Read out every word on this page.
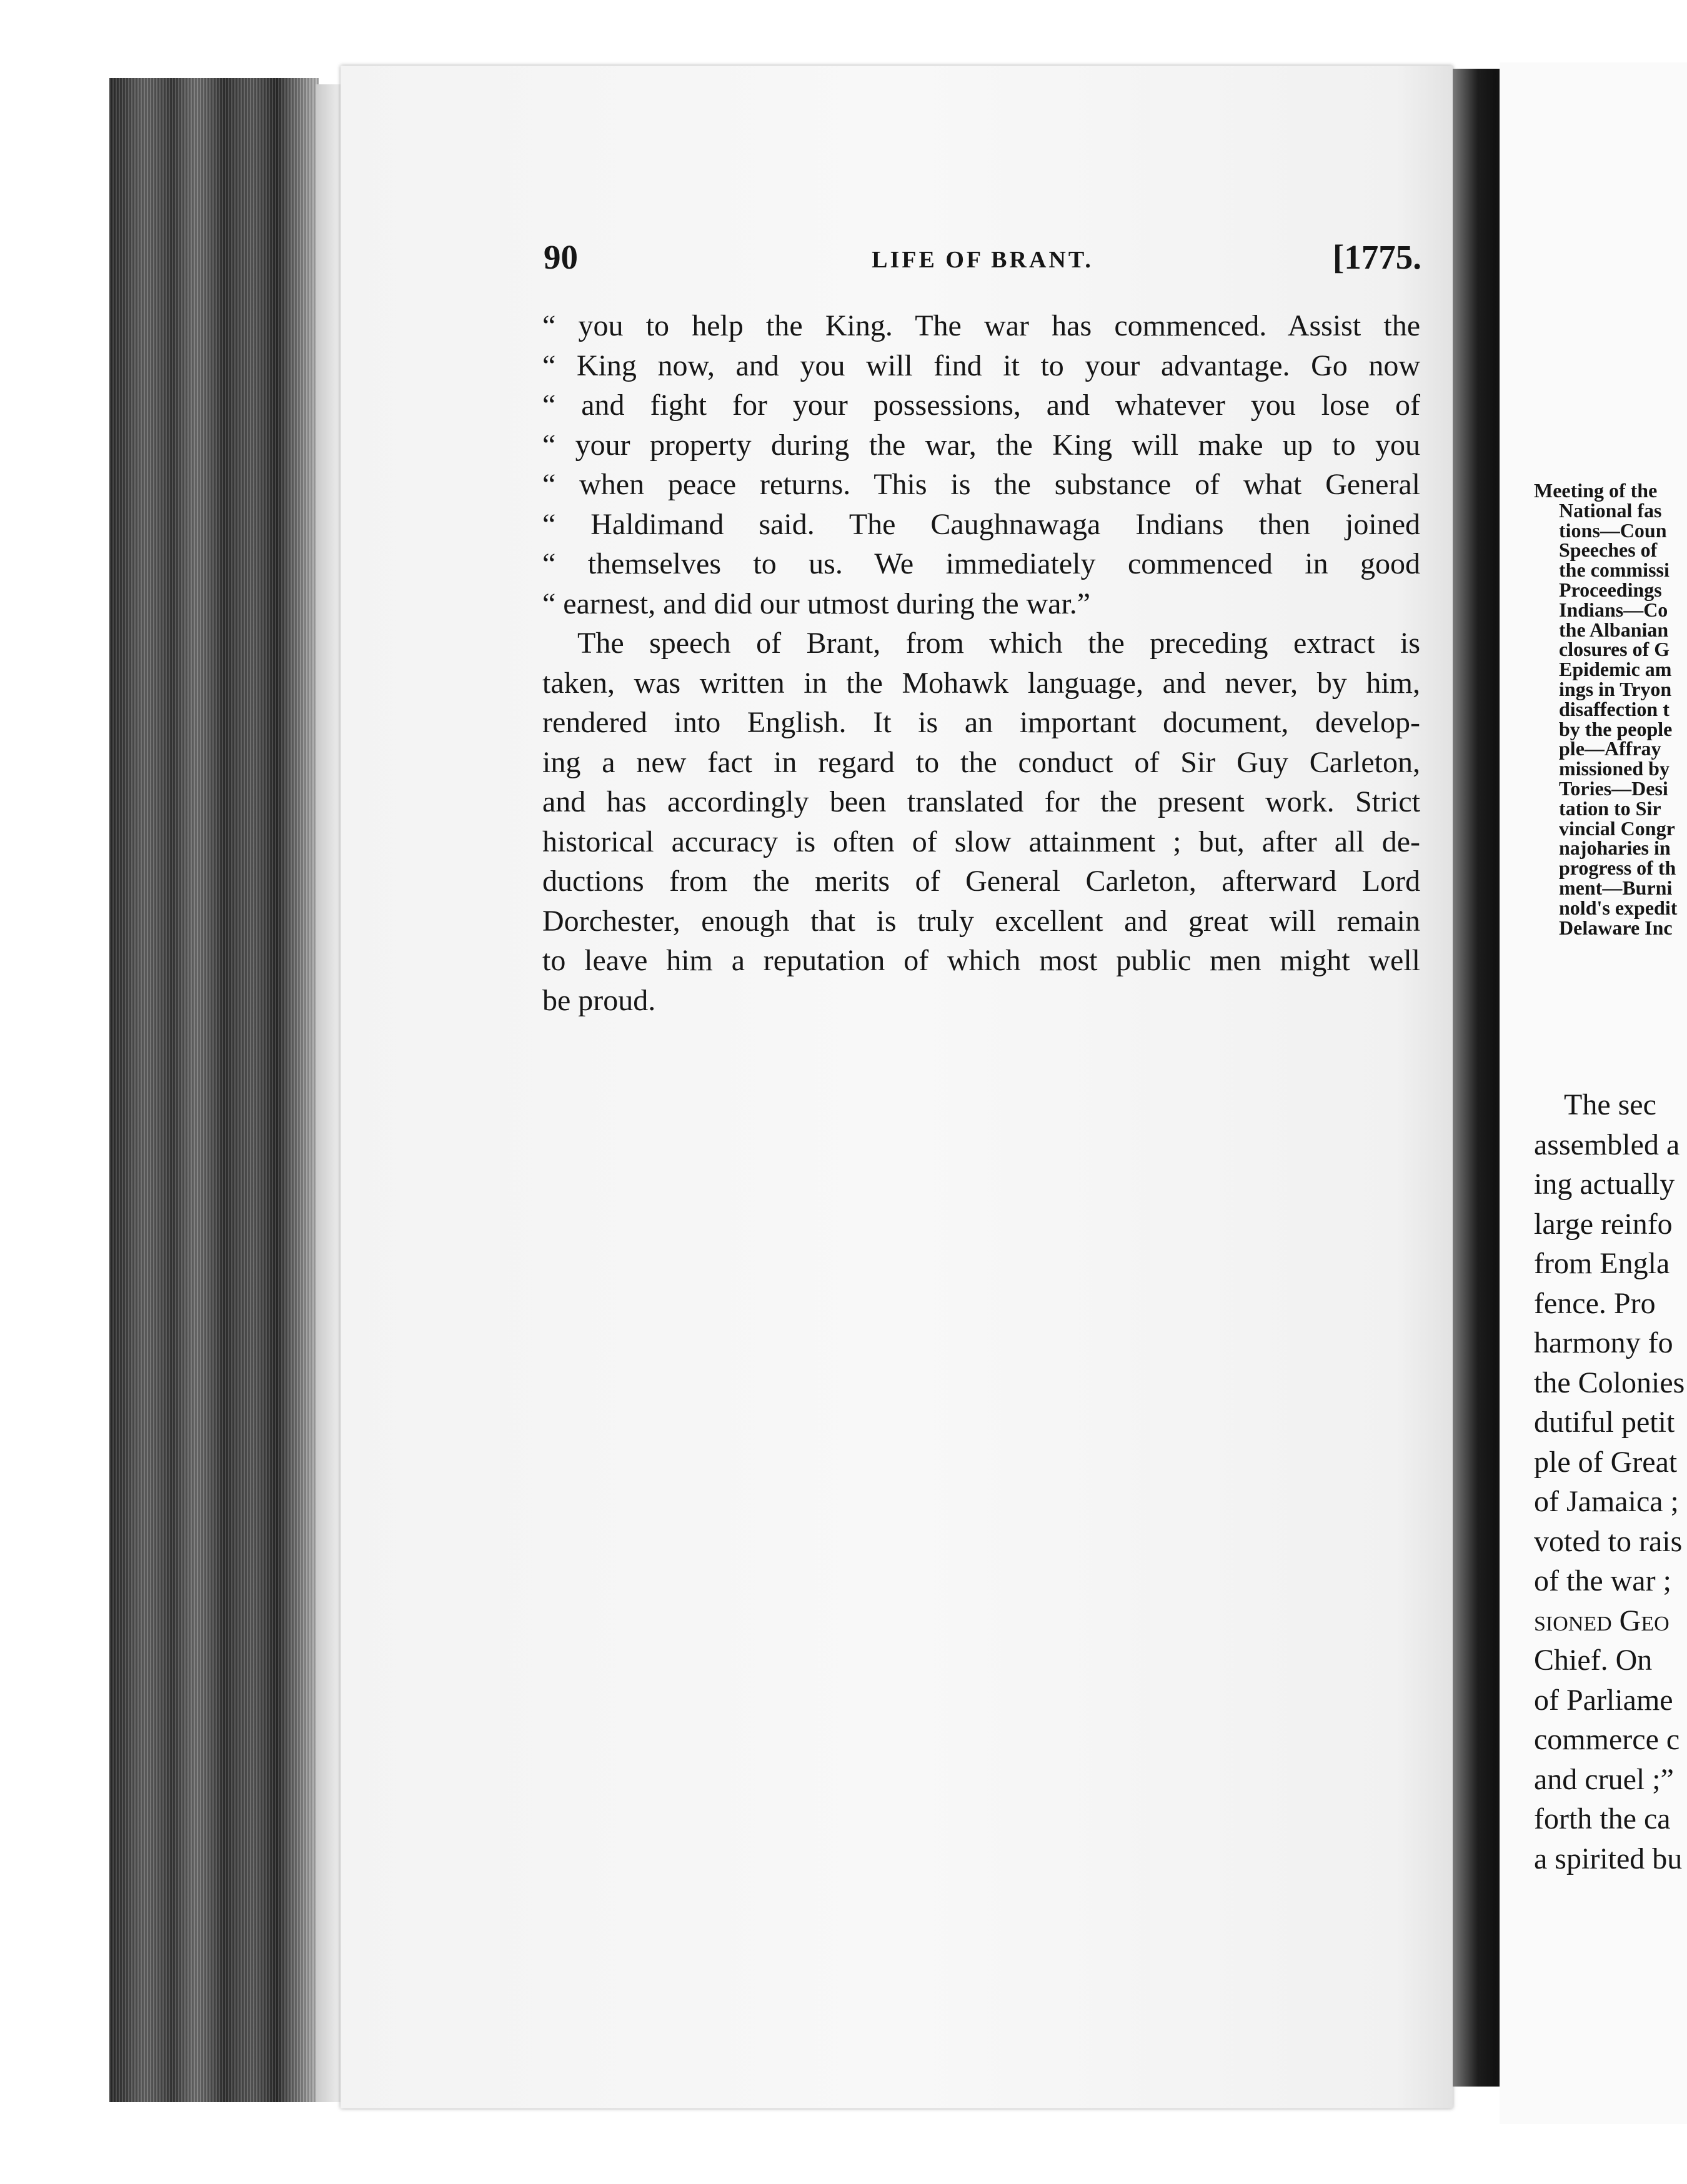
90	LIFE OF BRANT.	[1775.
“ you to help the King. The war has commenced. Assist the
“ King now, and you will find it to your advantage. Go now
“ and fight for your possessions, and whatever you lose of
“ your property during the war, the King will make up to you
“ when peace returns. This is the substance of what General
“ Haldimand said. The Caughnawaga Indians then joined
“ themselves to us. We immediately commenced in good
“ earnest, and did our utmost during the war.”
The speech of Brant, from which the preceding extract is
taken, was written in the Mohawk language, and never, by him,
rendered into English. It is an important document, develop-
ing a new fact in regard to the conduct of Sir Guy Carleton,
and has accordingly been translated for the present work. Strict
historical accuracy is often of slow attainment ; but, after all de-
ductions from the merits of General Carleton, afterward Lord
Dorchester, enough that is truly excellent and great will remain
to leave him a reputation of which most public men might well
be proud.
Meeting of the
National fas
tions—Coun
Speeches of
the commissi
Proceedings
Indians—Co
the Albanian
closures of G
Epidemic am
ings in Tryon
disaffection t
by the people
ple—Affray
missioned by
Tories—Desi
tation to Sir
vincial Congr
najoharies in
progress of th
ment—Burni
nold's expedit
Delaware Inc
The sec
assembled a
ing actually
large reinfo
from Engla
fence. Pro
harmony fo
the Colonies
dutiful petit
ple of Great
of Jamaica ;
voted to rais
of the war ;
sioned Geo
Chief. On
of Parliame
commerce c
and cruel ;”
forth the ca
a spirited bu
